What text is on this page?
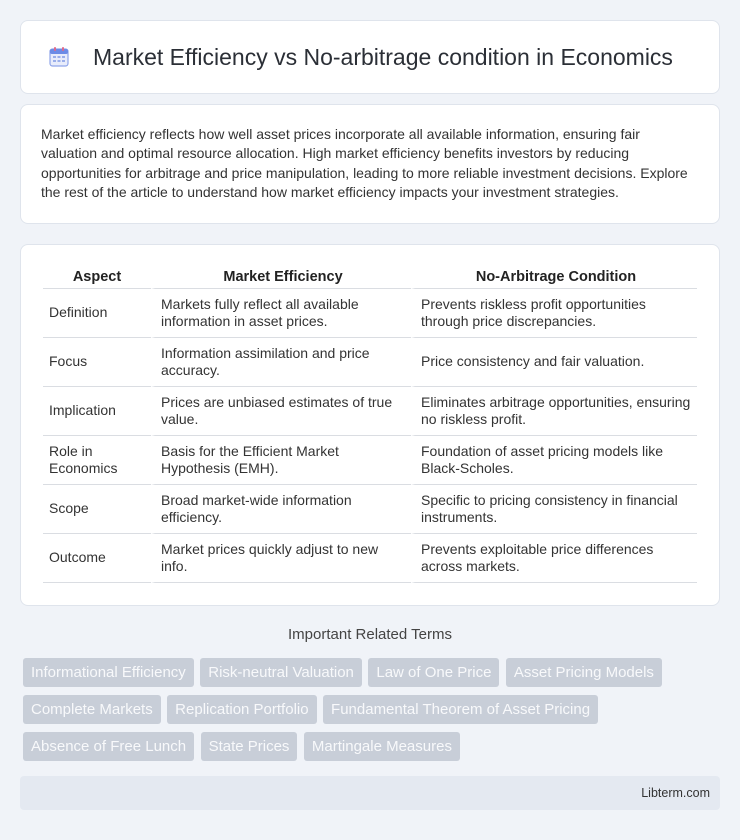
Market Efficiency vs No-arbitrage condition in Economics

Market efficiency reflects how well asset prices incorporate all available information, ensuring fair valuation and optimal resource allocation. High market efficiency benefits investors by reducing opportunities for arbitrage and price manipulation, leading to more reliable investment decisions. Explore the rest of the article to understand how market efficiency impacts your investment strategies.

Aspect	Market Efficiency	No-Arbitrage Condition
Definition	Markets fully reflect all available information in asset prices.	Prevents riskless profit opportunities through price discrepancies.
Focus	Information assimilation and price accuracy.	Price consistency and fair valuation.
Implication	Prices are unbiased estimates of true value.	Eliminates arbitrage opportunities, ensuring no riskless profit.
Role in Economics	Basis for the Efficient Market Hypothesis (EMH).	Foundation of asset pricing models like Black-Scholes.
Scope	Broad market-wide information efficiency.	Specific to pricing consistency in financial instruments.
Outcome	Market prices quickly adjust to new info.	Prevents exploitable price differences across markets.
Important Related Terms
Informational Efficiency Risk-neutral Valuation Law of One Price Asset Pricing Models Complete Markets Replication Portfolio Fundamental Theorem of Asset Pricing Absence of Free Lunch State Prices Martingale Measures
Libterm.com
